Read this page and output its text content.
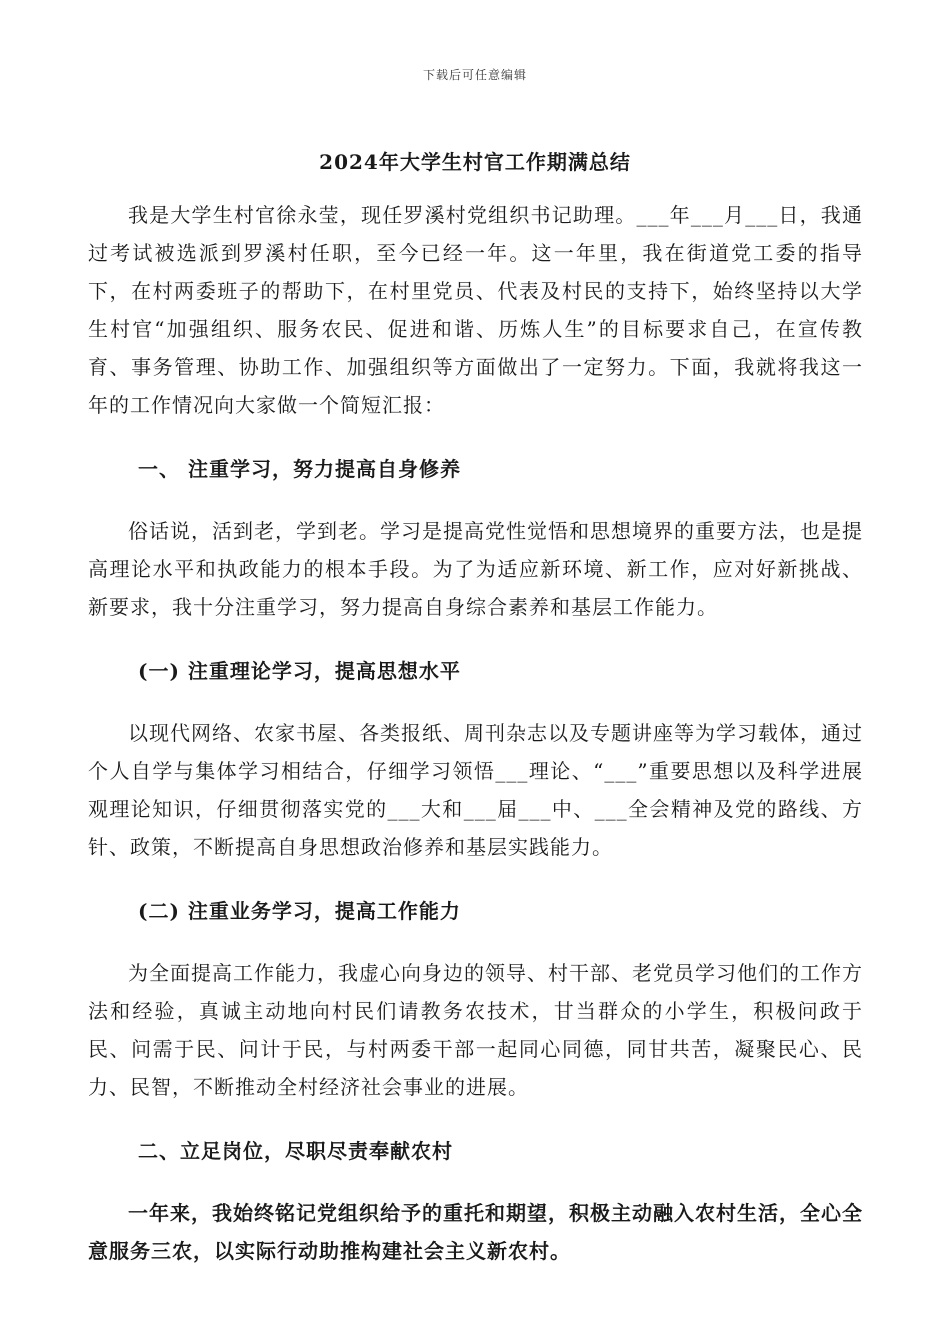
下载后可任意编辑
2024年大学生村官工作期满总结

我是大学生村官徐永莹，现任罗溪村党组织书记助理。___年___月___日，我通过考试被选派到罗溪村任职，至今已经一年。这一年里，我在街道党工委的指导下，在村两委班子的帮助下，在村里党员、代表及村民的支持下，始终坚持以大学生村官“加强组织、服务农民、促进和谐、历炼人生”的目标要求自己，在宣传教育、事务管理、协助工作、加强组织等方面做出了一定努力。下面，我就将我这一年的工作情况向大家做一个简短汇报：

一、 注重学习，努力提高自身修养

俗话说，活到老，学到老。学习是提高党性觉悟和思想境界的重要方法，也是提高理论水平和执政能力的根本手段。为了为适应新环境、新工作，应对好新挑战、新要求，我十分注重学习，努力提高自身综合素养和基层工作能力。

(一) 注重理论学习，提高思想水平

以现代网络、农家书屋、各类报纸、周刊杂志以及专题讲座等为学习载体，通过个人自学与集体学习相结合，仔细学习领悟___理论、“___”重要思想以及科学进展观理论知识，仔细贯彻落实党的___大和___届___中、___全会精神及党的路线、方针、政策，不断提高自身思想政治修养和基层实践能力。

(二) 注重业务学习，提高工作能力

为全面提高工作能力，我虚心向身边的领导、村干部、老党员学习他们的工作方法和经验，真诚主动地向村民们请教务农技术，甘当群众的小学生，积极问政于民、问需于民、问计于民，与村两委干部一起同心同德，同甘共苦，凝聚民心、民力、民智，不断推动全村经济社会事业的进展。

二、立足岗位，尽职尽责奉献农村

一年来，我始终铭记党组织给予的重托和期望，积极主动融入农村生活，全心全意服务三农，以实际行动助推构建社会主义新农村。
